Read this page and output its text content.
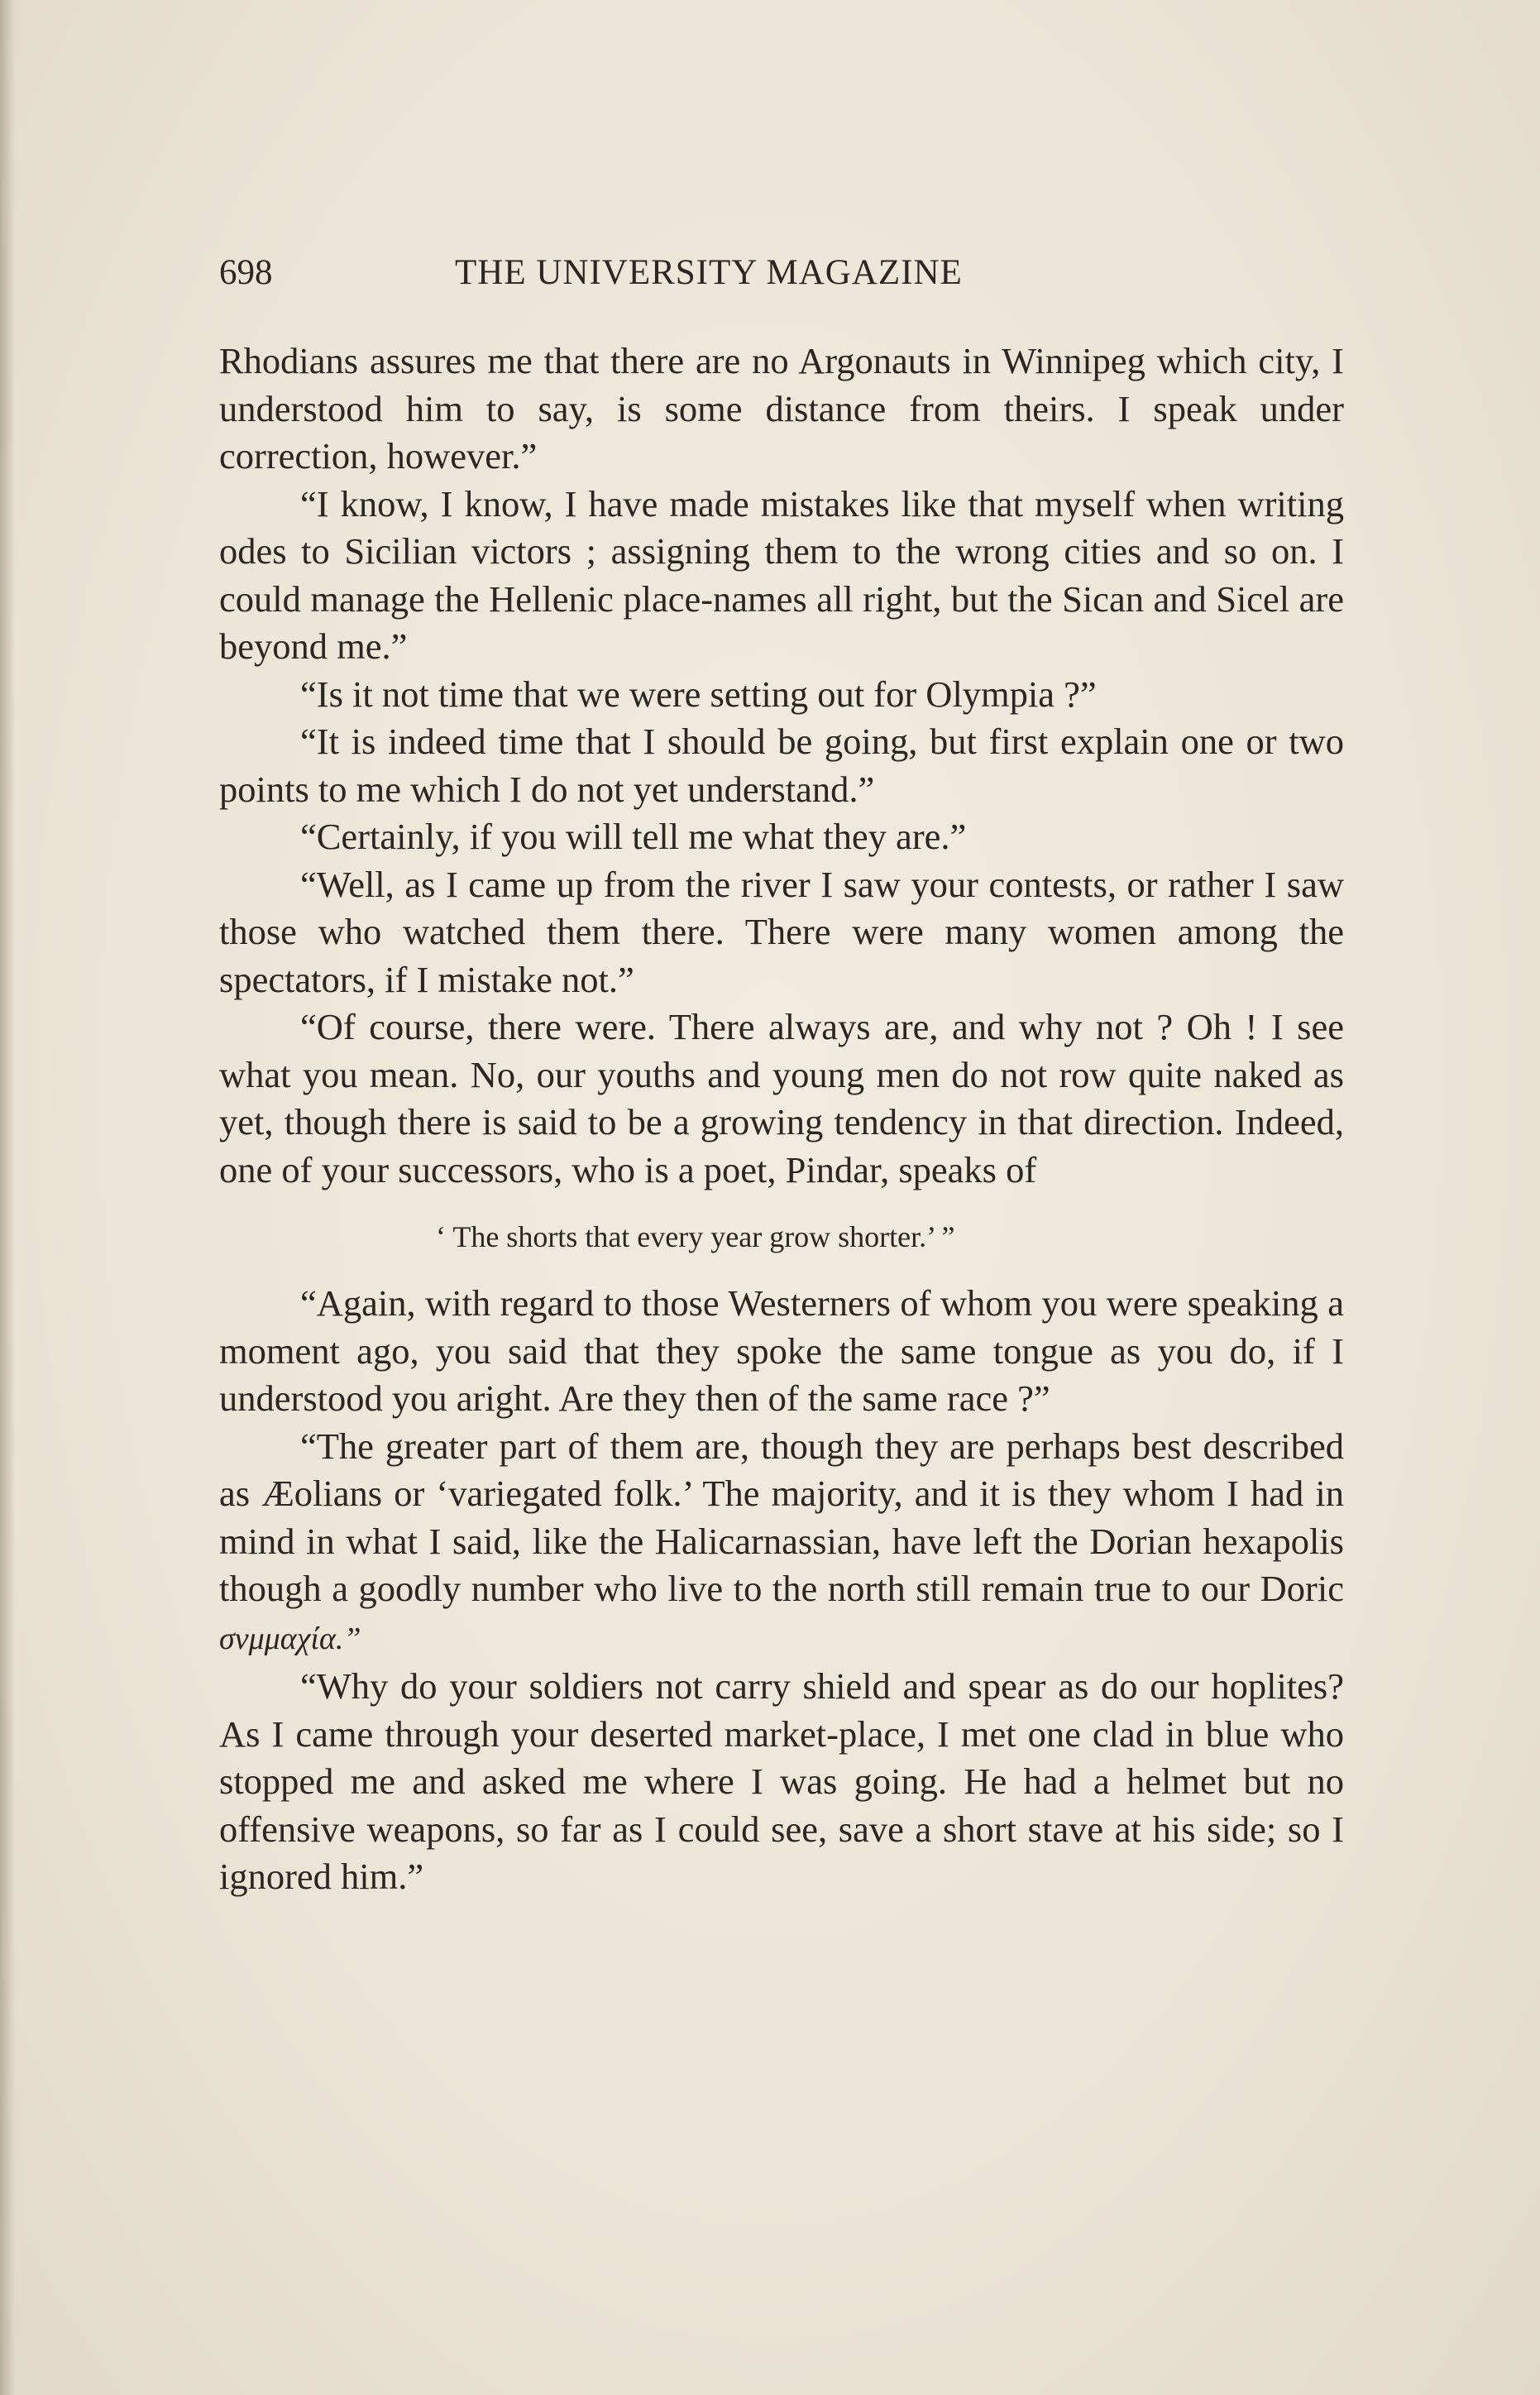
698	THE UNIVERSITY MAGAZINE

Rhodians assures me that there are no Argonauts in Winnipeg which city, I understood him to say, is some distance from theirs. I speak under correction, however.”

“I know, I know, I have made mistakes like that myself when writing odes to Sicilian victors ; assigning them to the wrong cities and so on. I could manage the Hellenic place-names all right, but the Sican and Sicel are beyond me.”

“Is it not time that we were setting out for Olympia ?”

“It is indeed time that I should be going, but first explain one or two points to me which I do not yet understand.”

“Certainly, if you will tell me what they are.”

“Well, as I came up from the river I saw your contests, or rather I saw those who watched them there. There were many women among the spectators, if I mistake not.”

“Of course, there were. There always are, and why not ? Oh ! I see what you mean. No, our youths and young men do not row quite naked as yet, though there is said to be a growing tendency in that direction. Indeed, one of your successors, who is a poet, Pindar, speaks of

‘ The shorts that every year grow shorter.’ ”

“Again, with regard to those Westerners of whom you were speaking a moment ago, you said that they spoke the same tongue as you do, if I understood you aright. Are they then of the same race ?”

“The greater part of them are, though they are perhaps best described as Æolians or ‘variegated folk.’ The majority, and it is they whom I had in mind in what I said, like the Halicarnassian, have left the Dorian hexapolis though a goodly number who live to the north still remain true to our Doric σνμμαχία.”

“Why do your soldiers not carry shield and spear as do our hoplites? As I came through your deserted market-place, I met one clad in blue who stopped me and asked me where I was going. He had a helmet but no offensive weapons, so far as I could see, save a short stave at his side; so I ignored him.”
